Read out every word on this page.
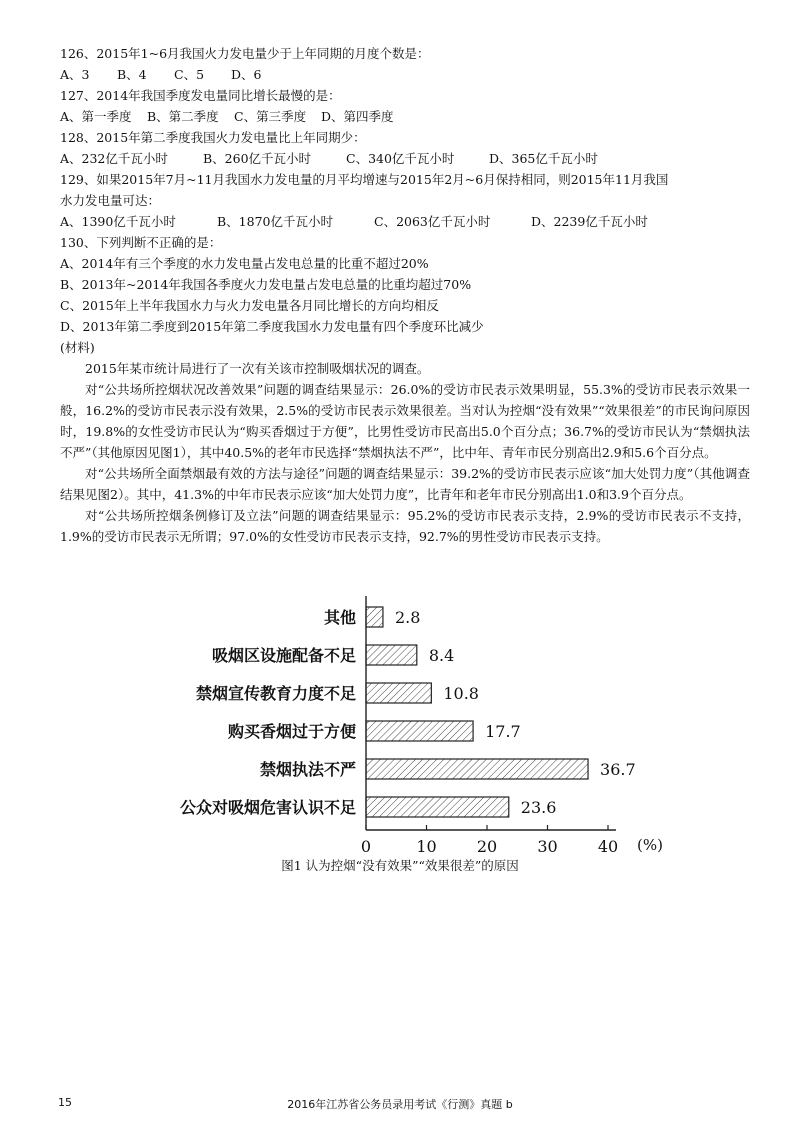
126、2015年1~6月我国火力发电量少于上年同期的月度个数是：
A、3	B、4	C、5	D、6
127、2014年我国季度发电量同比增长最慢的是：
A、第一季度	B、第二季度	C、第三季度	D、第四季度
128、2015年第二季度我国火力发电量比上年同期少：
A、232亿千瓦小时	B、260亿千瓦小时	C、340亿千瓦小时	D、365亿千瓦小时
129、如果2015年7月~11月我国水力发电量的月平均增速与2015年2月~6月保持相同，则2015年11月我国
水力发电量可达：
A、1390亿千瓦小时	B、1870亿千瓦小时	C、2063亿千瓦小时	D、2239亿千瓦小时
130、下列判断不正确的是：
A、2014年有三个季度的水力发电量占发电总量的比重不超过20%
B、2013年~2014年我国各季度火力发电量占发电总量的比重均超过70%
C、2015年上半年我国水力与火力发电量各月同比增长的方向均相反
D、2013年第二季度到2015年第二季度我国水力发电量有四个季度环比减少
(材料)
2015年某市统计局进行了一次有关该市控制吸烟状况的调查。
对“公共场所控烟状况改善效果”问题的调查结果显示：26.0%的受访市民表示效果明显，55.3%的受访市民表示效果一般，16.2%的受访市民表示没有效果，2.5%的受访市民表示效果很差。当对认为控烟“没有效果”“效果很差”的市民询问原因时，19.8%的女性受访市民认为“购买香烟过于方便”，比男性受访市民高出5.0个百分点；36.7%的受访市民认为“禁烟执法不严”（其他原因见图1），其中40.5%的老年市民选择“禁烟执法不严”，比中年、青年市民分别高出2.9和5.6个百分点。
对“公共场所全面禁烟最有效的方法与途径”问题的调查结果显示：39.2%的受访市民表示应该“加大处罚力度”（其他调查结果见图2）。其中，41.3%的中年市民表示应该“加大处罚力度”，比青年和老年市民分别高出1.0和3.9个百分点。
对“公共场所控烟条例修订及立法”问题的调查结果显示：95.2%的受访市民表示支持，2.9%的受访市民表示不支持，1.9%的受访市民表示无所谓；97.0%的女性受访市民表示支持，92.7%的男性受访市民表示支持。
其他 2.8
吸烟区设施配备不足	8.4
禁烟宣传教育力度不足	10.8
购买香烟过于方便	17.7
禁烟执法不严	36.7
公众对吸烟危害认识不足	23.6
0	10	20	30	40 (%)
图1 认为控烟“没有效果”“效果很差”的原因
15	2016年江苏省公务员录用考试《行测》真题 b
